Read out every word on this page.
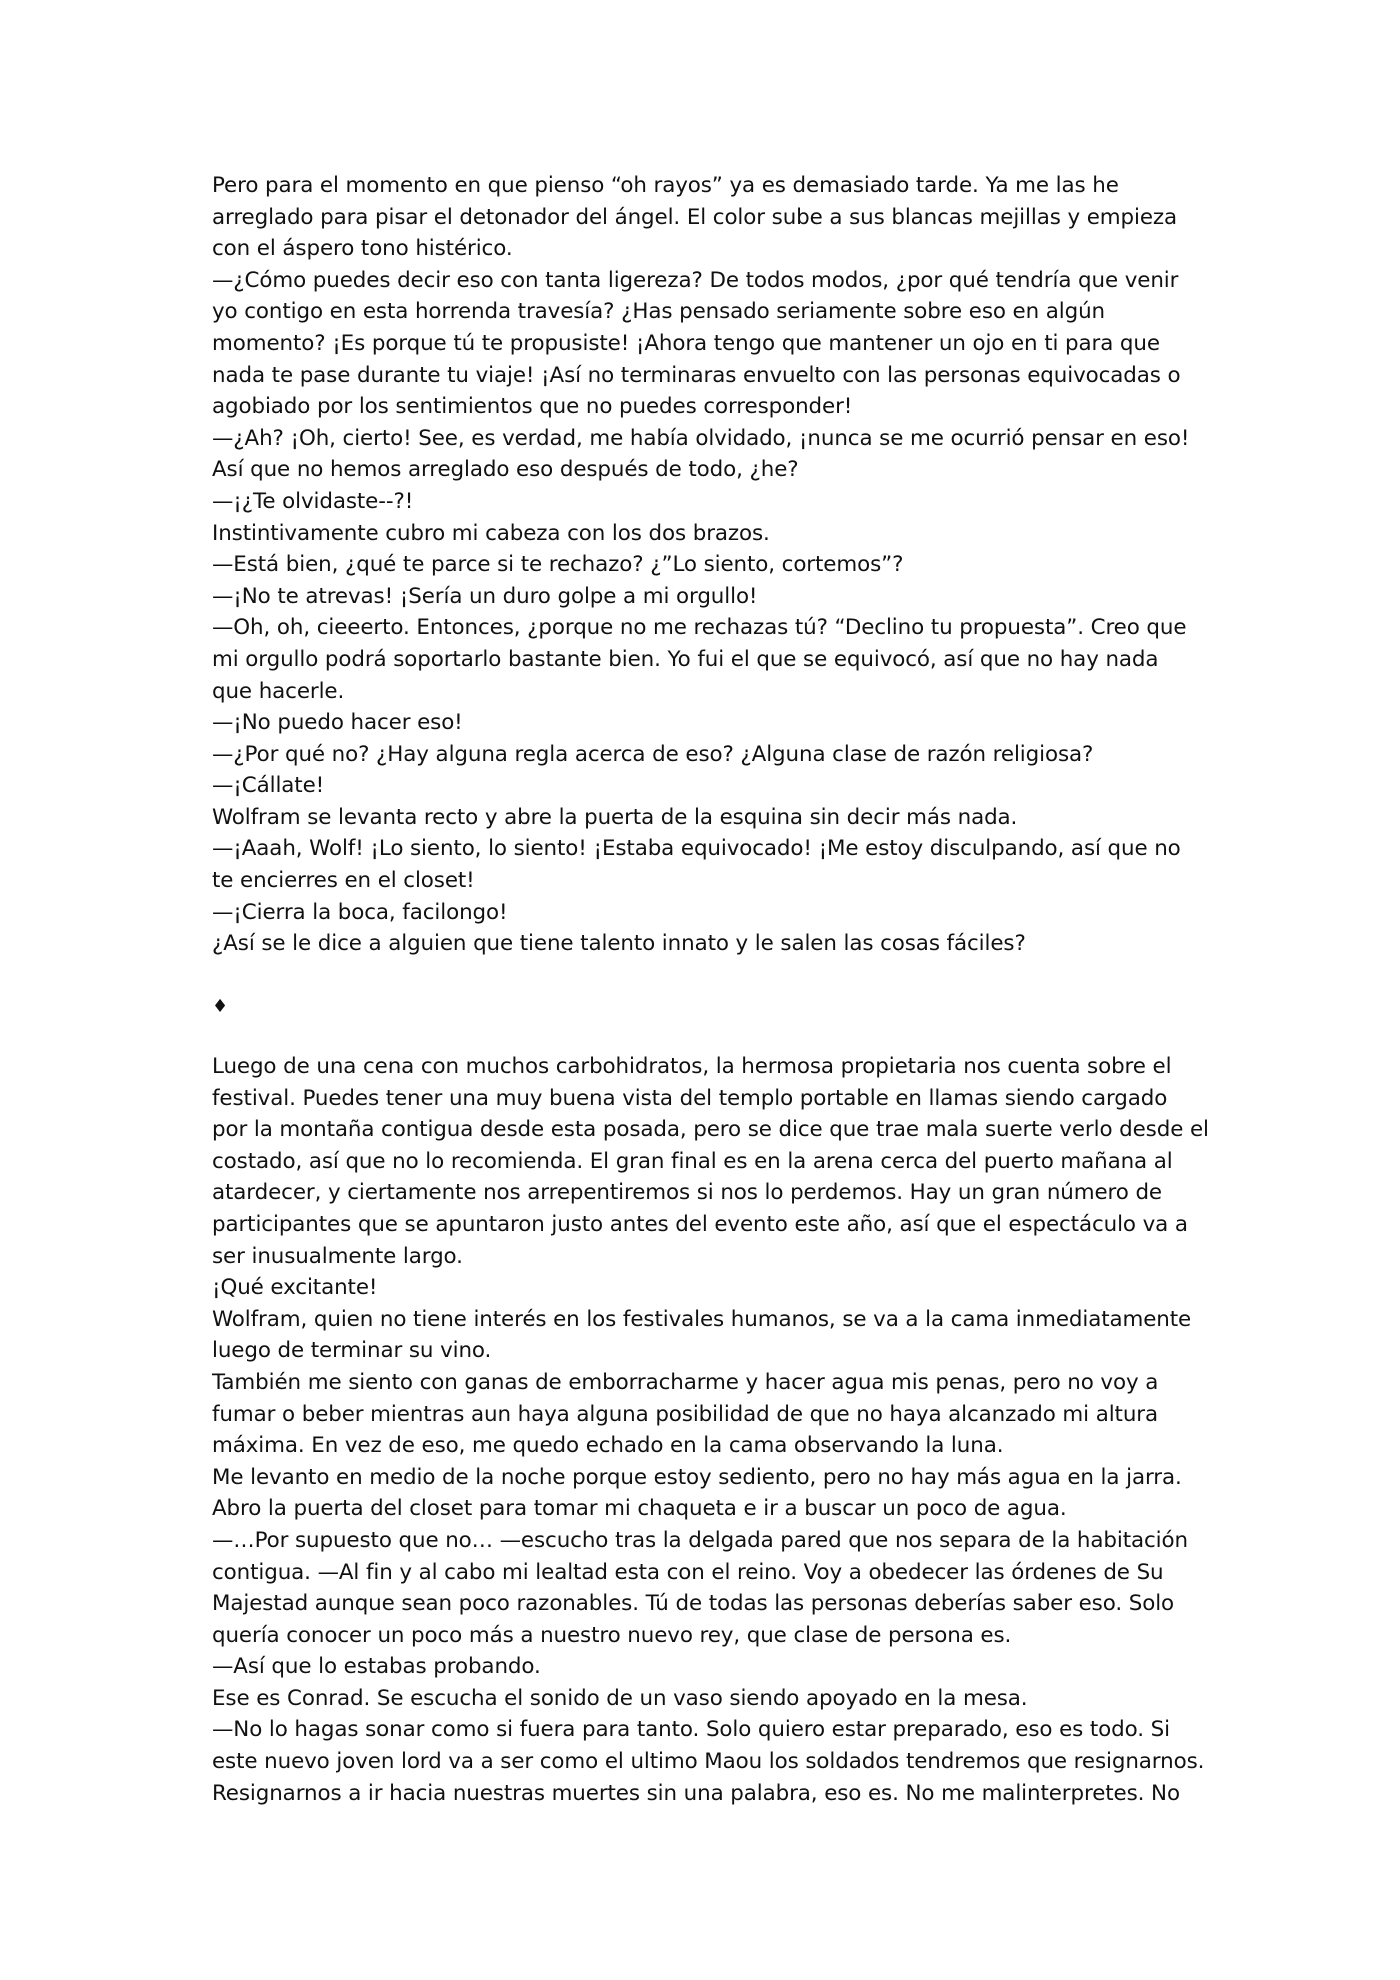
Pero para el momento en que pienso “oh rayos” ya es demasiado tarde. Ya me las he
arreglado para pisar el detonador del ángel. El color sube a sus blancas mejillas y empieza
con el áspero tono histérico.
—¿Cómo puedes decir eso con tanta ligereza? De todos modos, ¿por qué tendría que venir
yo contigo en esta horrenda travesía? ¿Has pensado seriamente sobre eso en algún
momento? ¡Es porque tú te propusiste! ¡Ahora tengo que mantener un ojo en ti para que
nada te pase durante tu viaje! ¡Así no terminaras envuelto con las personas equivocadas o
agobiado por los sentimientos que no puedes corresponder!
—¿Ah? ¡Oh, cierto! See, es verdad, me había olvidado, ¡nunca se me ocurrió pensar en eso!
Así que no hemos arreglado eso después de todo, ¿he?
—¡¿Te olvidaste--?!
Instintivamente cubro mi cabeza con los dos brazos.
—Está bien, ¿qué te parce si te rechazo? ¿”Lo siento, cortemos”?
—¡No te atrevas! ¡Sería un duro golpe a mi orgullo!
—Oh, oh, cieeerto. Entonces, ¿porque no me rechazas tú? “Declino tu propuesta”. Creo que
mi orgullo podrá soportarlo bastante bien. Yo fui el que se equivocó, así que no hay nada
que hacerle.
—¡No puedo hacer eso!
—¿Por qué no? ¿Hay alguna regla acerca de eso? ¿Alguna clase de razón religiosa?
—¡Cállate!
Wolfram se levanta recto y abre la puerta de la esquina sin decir más nada.
—¡Aaah, Wolf! ¡Lo siento, lo siento! ¡Estaba equivocado! ¡Me estoy disculpando, así que no
te encierres en el closet!
—¡Cierra la boca, facilongo!
¿Así se le dice a alguien que tiene talento innato y le salen las cosas fáciles?
♦
Luego de una cena con muchos carbohidratos, la hermosa propietaria nos cuenta sobre el
festival. Puedes tener una muy buena vista del templo portable en llamas siendo cargado
por la montaña contigua desde esta posada, pero se dice que trae mala suerte verlo desde el
costado, así que no lo recomienda. El gran final es en la arena cerca del puerto mañana al
atardecer, y ciertamente nos arrepentiremos si nos lo perdemos. Hay un gran número de
participantes que se apuntaron justo antes del evento este año, así que el espectáculo va a
ser inusualmente largo.
¡Qué excitante!
Wolfram, quien no tiene interés en los festivales humanos, se va a la cama inmediatamente
luego de terminar su vino.
También me siento con ganas de emborracharme y hacer agua mis penas, pero no voy a
fumar o beber mientras aun haya alguna posibilidad de que no haya alcanzado mi altura
máxima. En vez de eso, me quedo echado en la cama observando la luna.
Me levanto en medio de la noche porque estoy sediento, pero no hay más agua en la jarra.
Abro la puerta del closet para tomar mi chaqueta e ir a buscar un poco de agua.
—…Por supuesto que no… —escucho tras la delgada pared que nos separa de la habitación
contigua. —Al fin y al cabo mi lealtad esta con el reino. Voy a obedecer las órdenes de Su
Majestad aunque sean poco razonables. Tú de todas las personas deberías saber eso. Solo
quería conocer un poco más a nuestro nuevo rey, que clase de persona es.
—Así que lo estabas probando.
Ese es Conrad. Se escucha el sonido de un vaso siendo apoyado en la mesa.
—No lo hagas sonar como si fuera para tanto. Solo quiero estar preparado, eso es todo. Si
este nuevo joven lord va a ser como el ultimo Maou los soldados tendremos que resignarnos.
Resignarnos a ir hacia nuestras muertes sin una palabra, eso es. No me malinterpretes. No
